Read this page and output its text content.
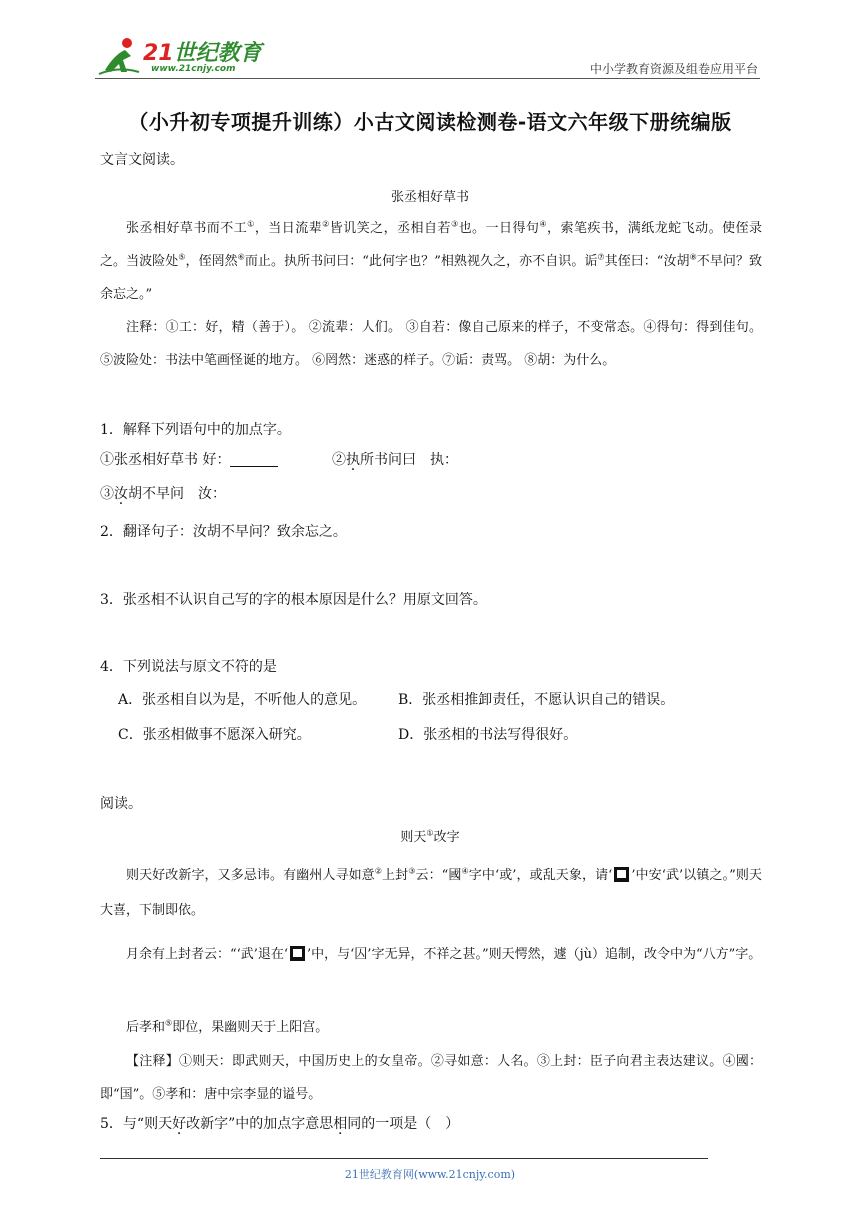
21世纪教育
www.21cnjy.com	中小学教育资源及组卷应用平台
（小升初专项提升训练）小古文阅读检测卷-语文六年级下册统编版
文言文阅读。
张丞相好草书
张丞相好草书而不工①，当日流辈②皆讥笑之，丞相自若③也。一日得句④，索笔疾书，满纸龙蛇飞动。使侄录之。当波险处⑤，侄罔然⑥而止。执所书问曰：“此何字也？”相熟视久之，亦不自识。诟⑦其侄曰：“汝胡⑧不早问？致余忘之。”
注释：①工：好，精（善于）。 ②流辈：人们。 ③自若：像自己原来的样子，不变常态。④得句：得到佳句。 ⑤波险处：书法中笔画怪诞的地方。 ⑥罔然：迷惑的样子。⑦诟：责骂。 ⑧胡：为什么。
1．解释下列语句中的加点字。
①张丞相好草书 好：	②执所书问曰　执：
③汝胡不早问　汝：
2．翻译句子：汝胡不早问？致余忘之。
3．张丞相不认识自己写的字的根本原因是什么？用原文回答。
4．下列说法与原文不符的是
A．张丞相自以为是，不听他人的意见。 B．张丞相推卸责任，不愿认识自己的错误。
C．张丞相做事不愿深入研究。	D．张丞相的书法写得很好。
阅读。
则天①改字
则天好改新字，又多忌讳。有幽州人寻如意②上封③云：“國④字中‘或’，或乱天象，请‘ ’中安‘武’以镇之。”则天大喜，下制即依。
月余有上封者云：“‘武’退在‘ ’中，与‘囚’字无异，不祥之甚。”则天愕然，遽（jù）追制，改令中为“八方”字。
后孝和⑤即位，果幽则天于上阳宫。
【注释】①则天：即武则天，中国历史上的女皇帝。②寻如意：人名。③上封：臣子向君主表达建议。④國：即“国”。⑤孝和：唐中宗李显的谥号。
5．与“则天好改新字”中的加点字意思相同的一项是（　）
21世纪教育网(www.21cnjy.com)
